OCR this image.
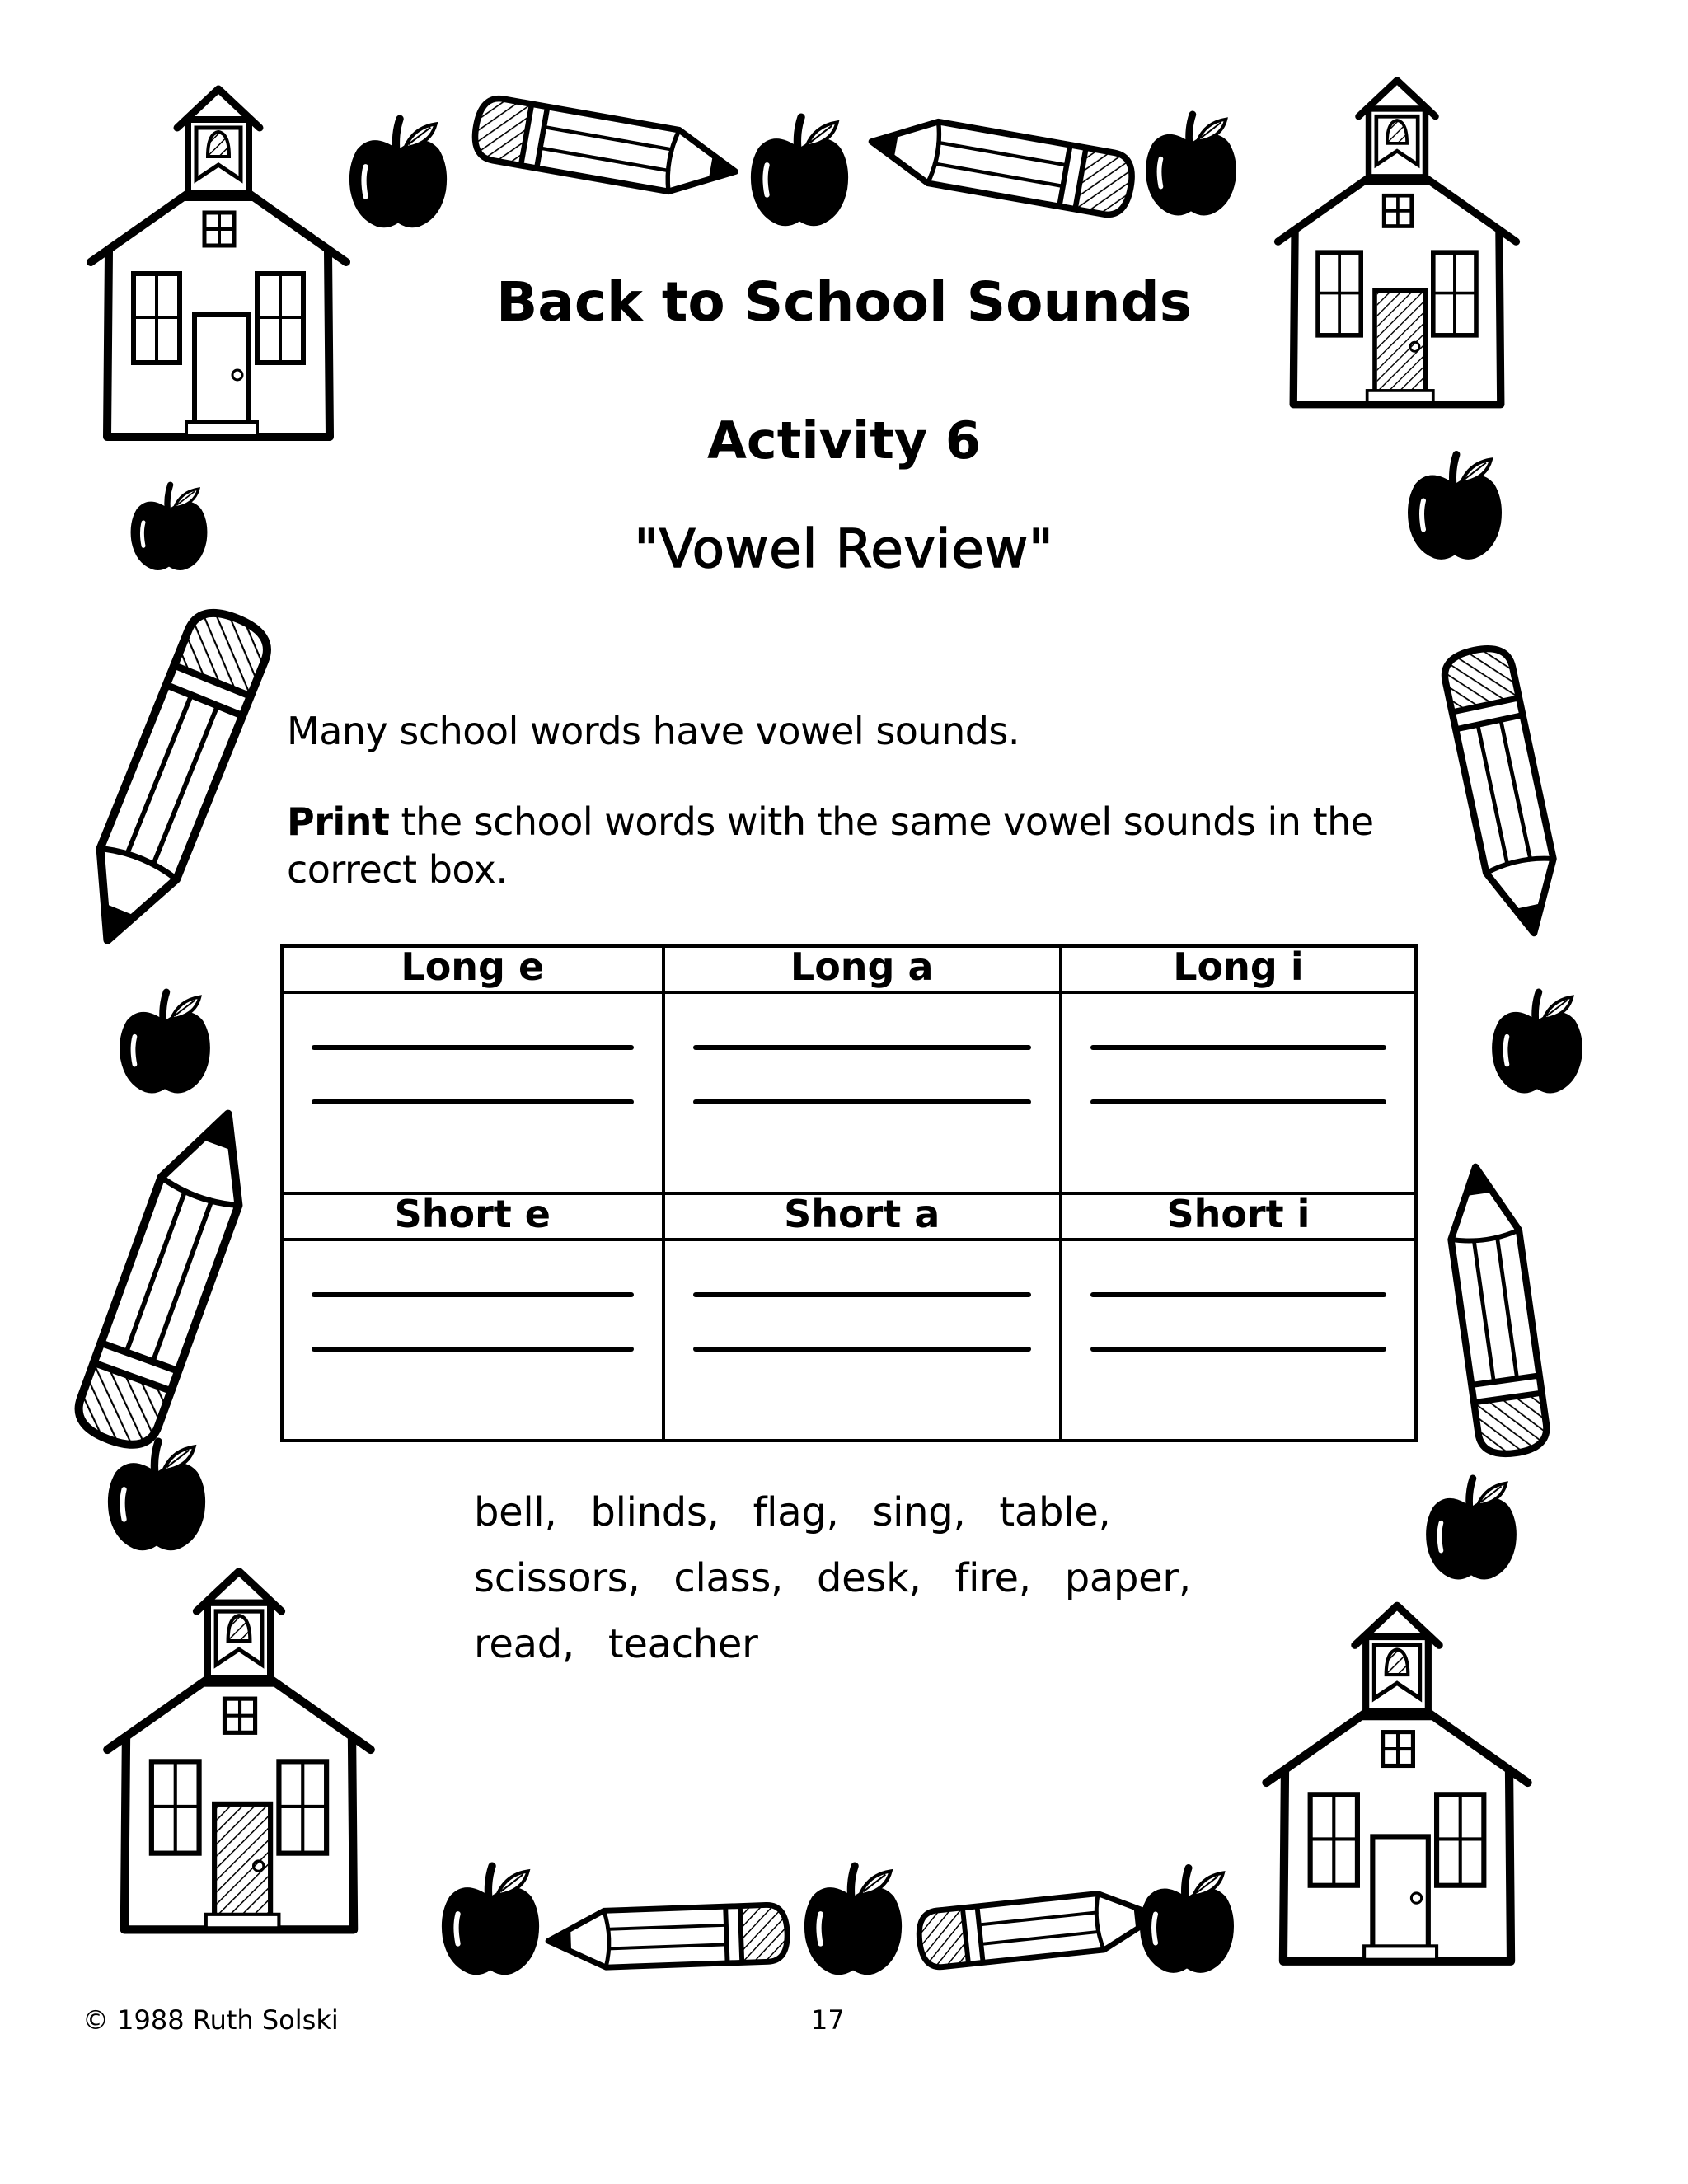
Back to School Sounds
Activity 6
"Vowel Review"
Many school words have vowel sounds.
Print the school words with the same vowel sounds in the correct box.
Long e	Long a	Long i

Short e	Short a	Short i

bell, blinds, flag, sing, table,
scissors, class, desk, fire, paper,
read, teacher
© 1988 Ruth Solski	17
